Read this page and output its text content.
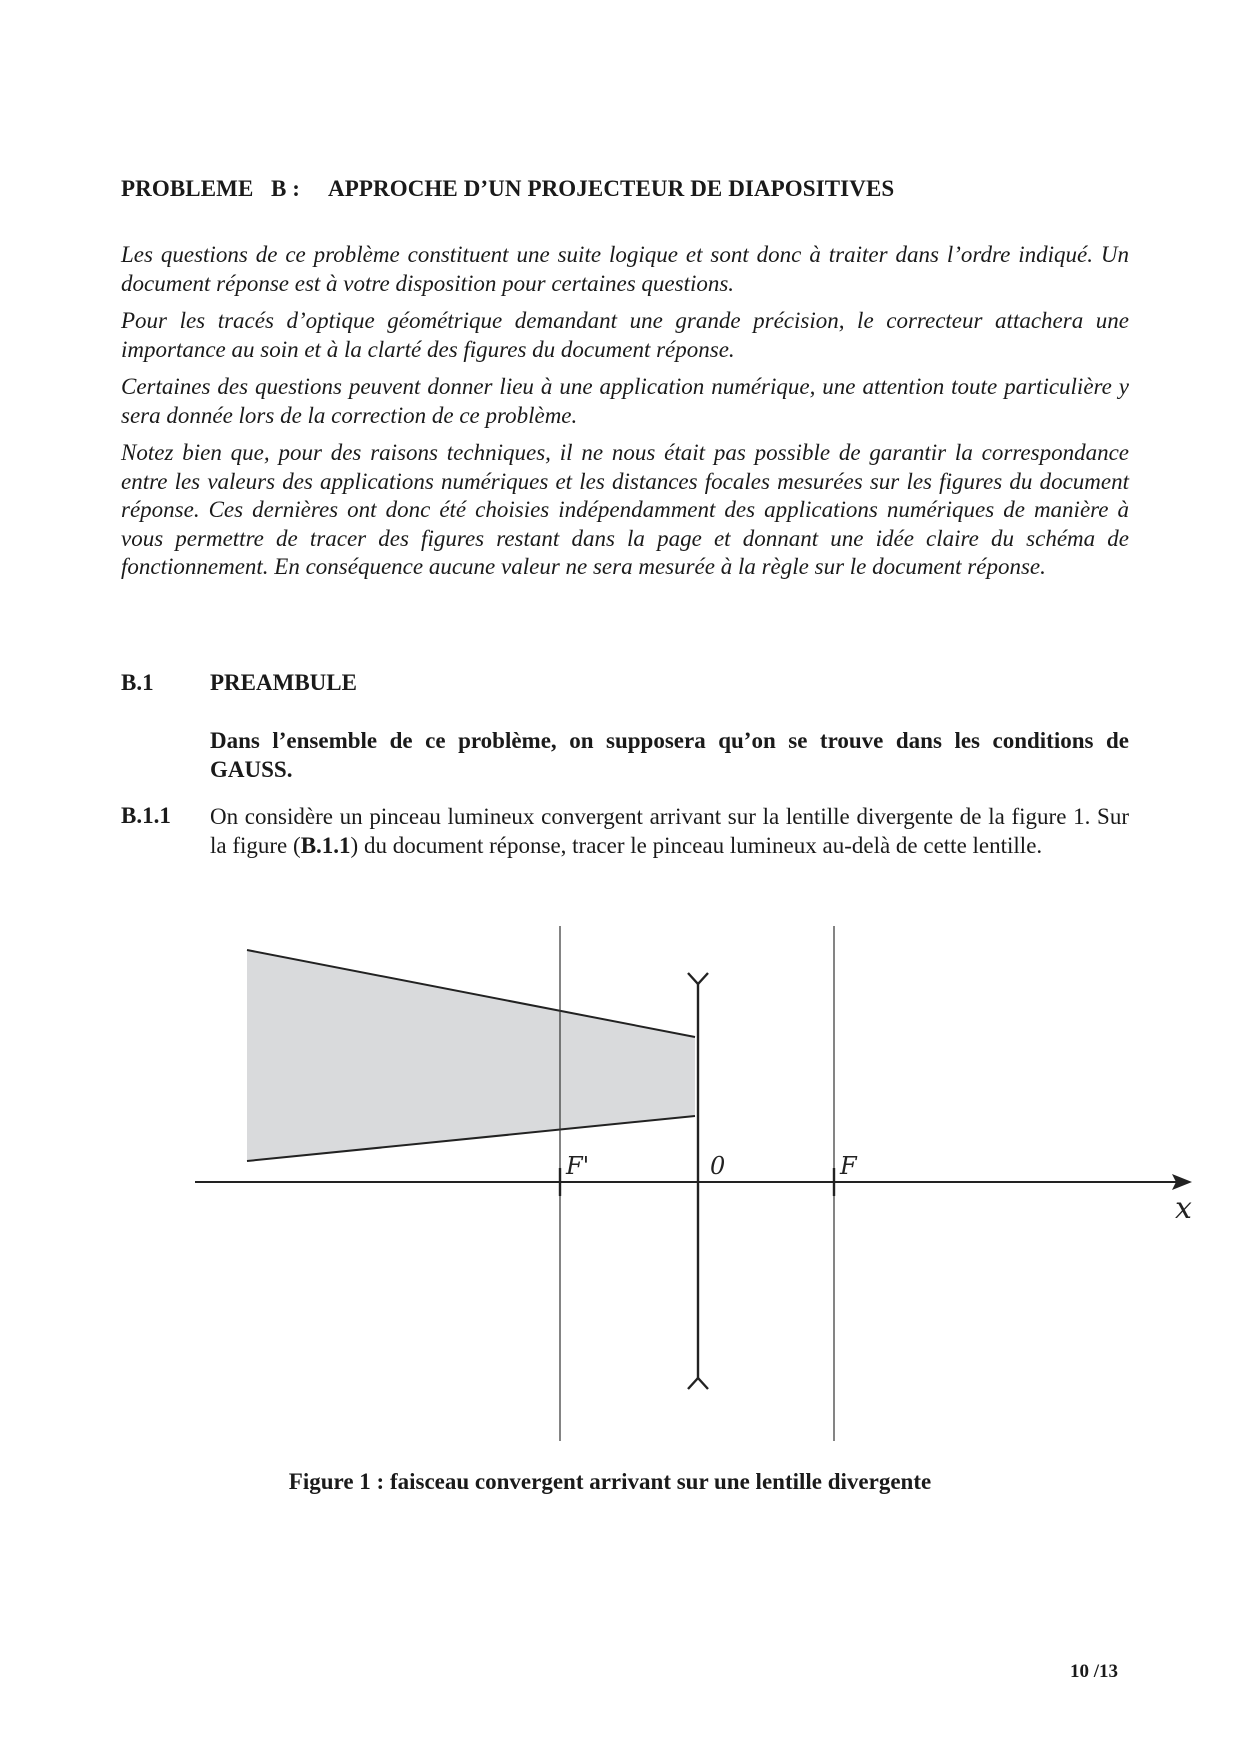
PROBLEME   B :     APPROCHE D’UN PROJECTEUR DE DIAPOSITIVES

Les questions de ce problème constituent une suite logique et sont donc à traiter dans l’ordre indiqué. Un document réponse est à votre disposition pour certaines questions.

Pour les tracés d’optique géométrique demandant une grande précision, le correcteur attachera une importance au soin et à la clarté des figures du document réponse.

Certaines des questions peuvent donner lieu à une application numérique, une attention toute particulière y sera donnée lors de la correction de ce problème.

Notez bien que, pour des raisons techniques, il ne nous était pas possible de garantir la correspondance entre les valeurs des applications numériques et les distances focales mesurées sur les figures du document réponse. Ces dernières ont donc été choisies indépendamment des applications numériques de manière à vous permettre de tracer des figures restant dans la page et donnant une idée claire du schéma de fonctionnement. En conséquence aucune valeur ne sera mesurée à la règle sur le document réponse.

B.1 PREAMBULE

Dans l’ensemble de ce problème, on supposera qu’on se trouve dans les conditions de GAUSS.

B.1.1 On considère un pinceau lumineux convergent arrivant sur la lentille divergente de la figure 1. Sur la figure (B.1.1) du document réponse, tracer le pinceau lumineux au-delà de cette lentille.

F'	0	F
x
Figure 1 : faisceau convergent arrivant sur une lentille divergente
10 /13
